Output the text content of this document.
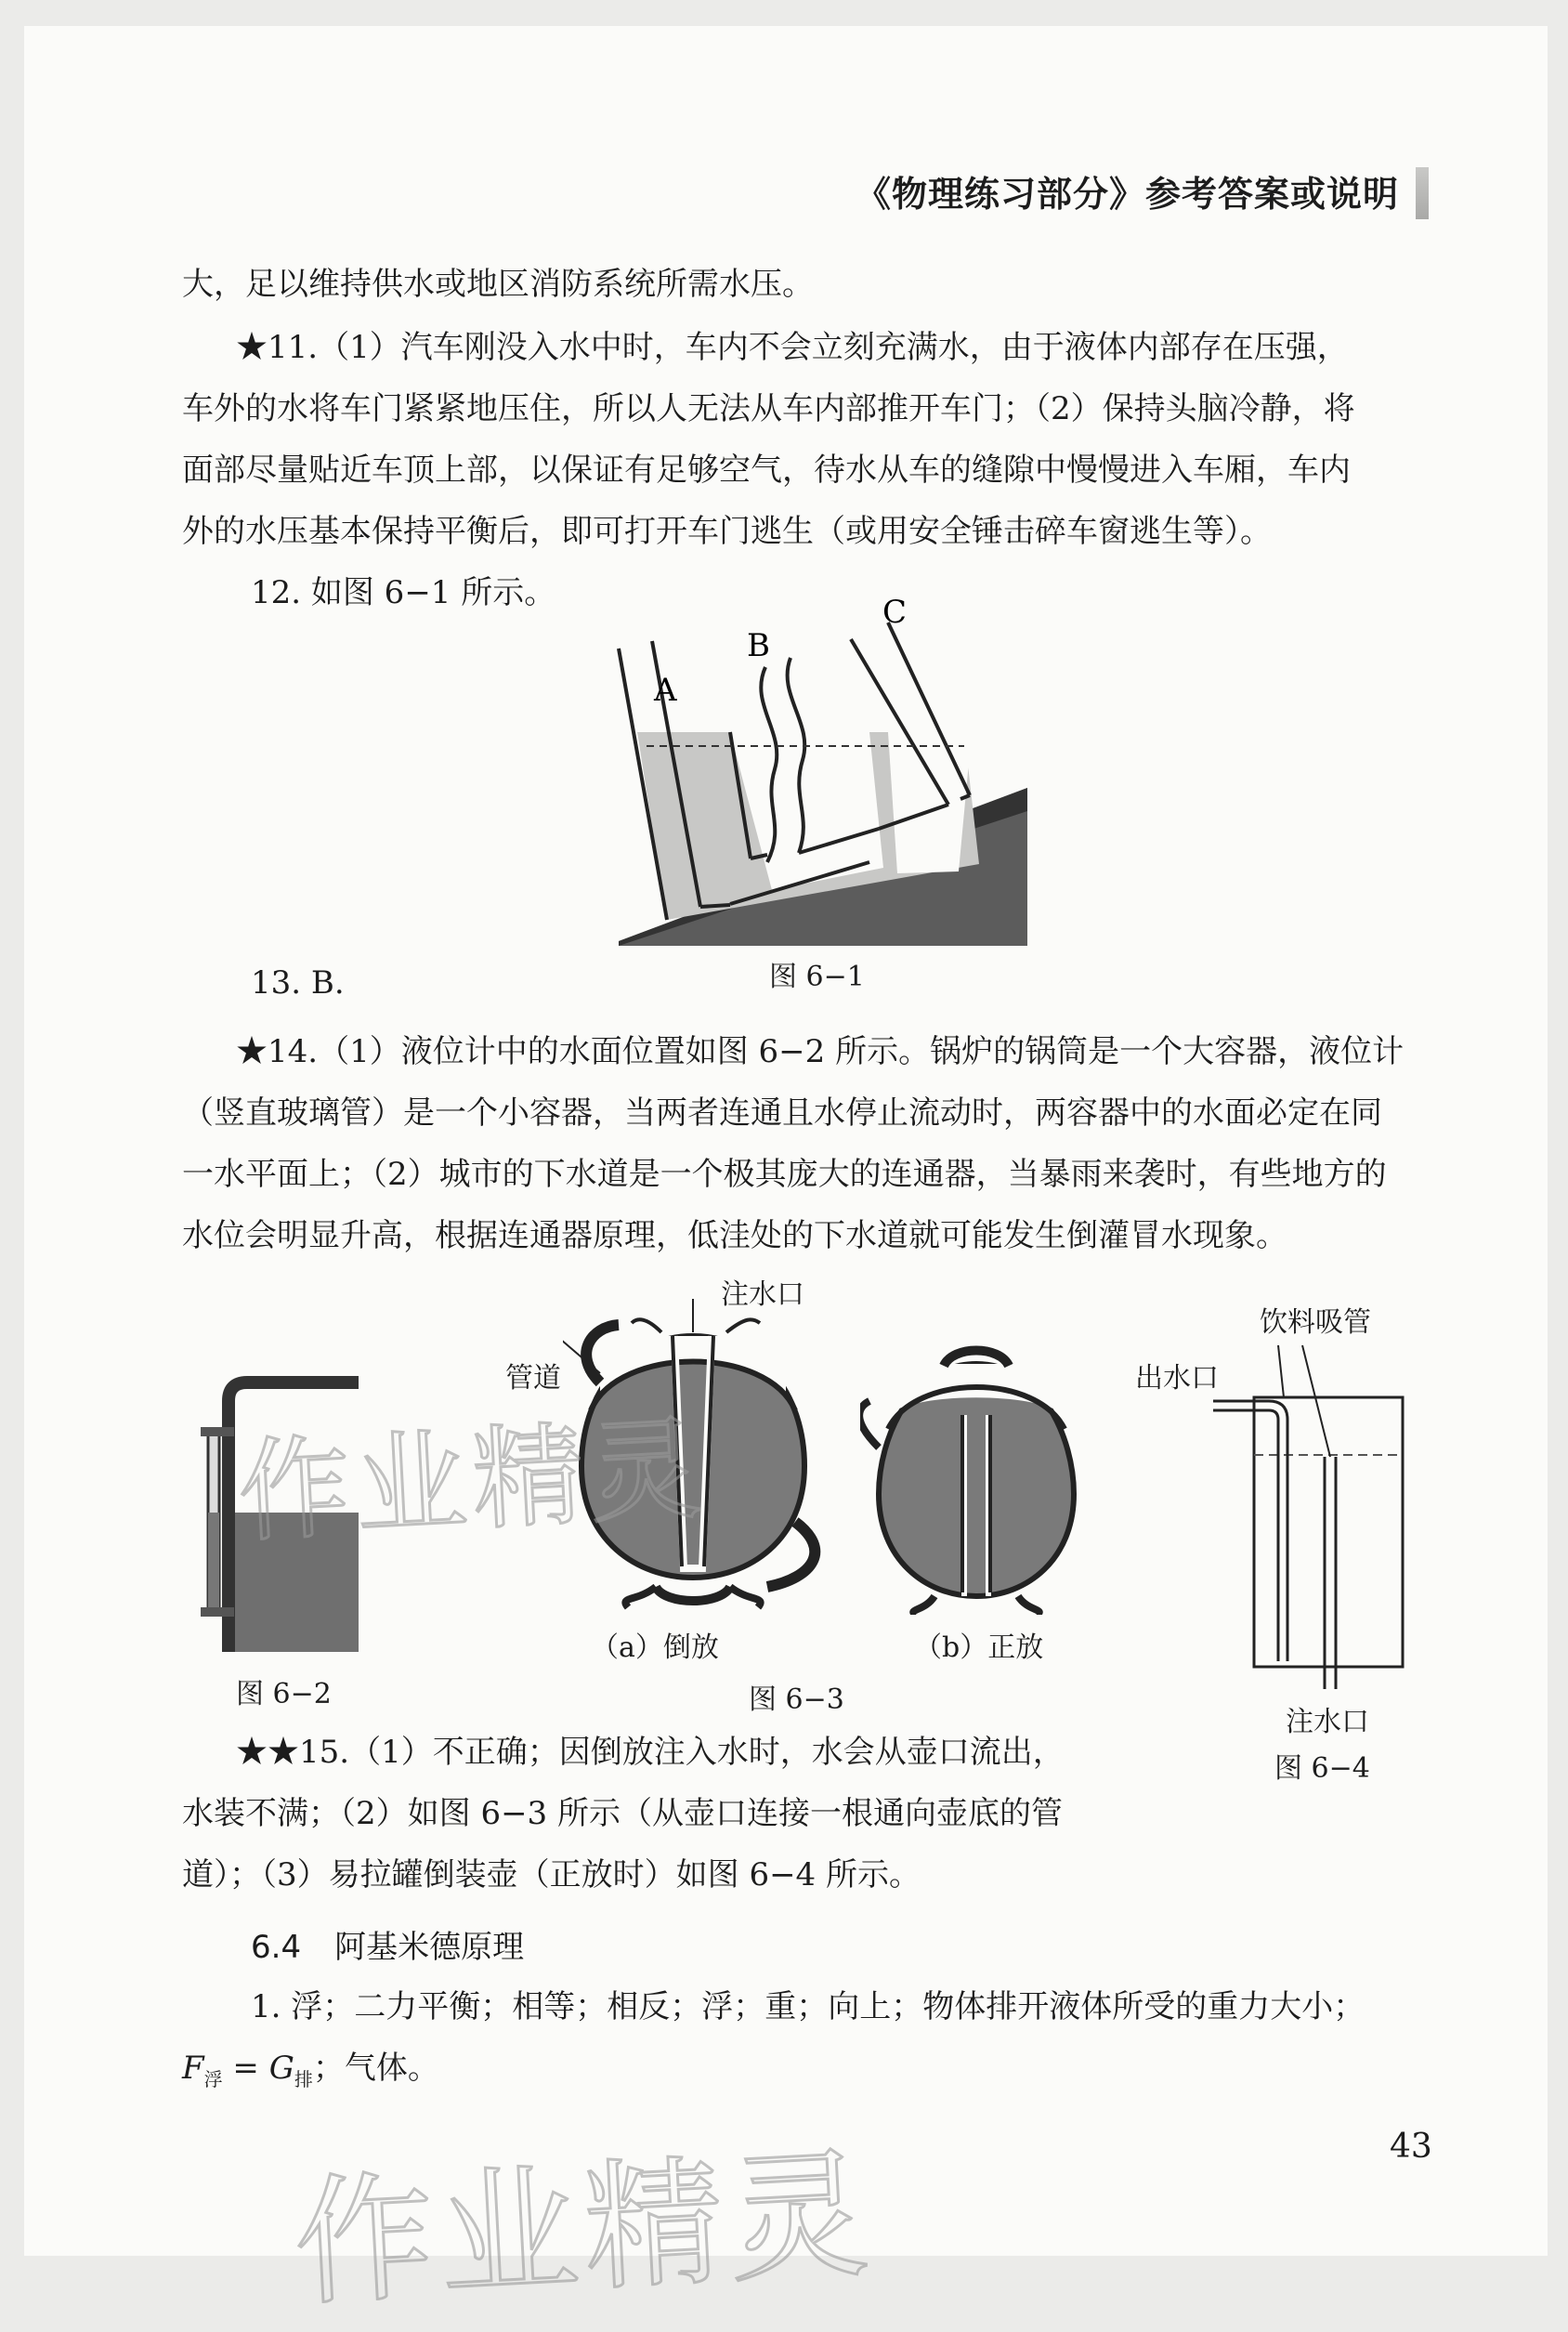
《物理练习部分》参考答案或说明
大，足以维持供水或地区消防系统所需水压。
★11.（1）汽车刚没入水中时，车内不会立刻充满水，由于液体内部存在压强，
车外的水将车门紧紧地压住，所以人无法从车内部推开车门；（2）保持头脑冷静，将
面部尽量贴近车顶上部，以保证有足够空气，待水从车的缝隙中慢慢进入车厢，车内
外的水压基本保持平衡后，即可打开车门逃生（或用安全锤击碎车窗逃生等）。
12. 如图 6−1 所示。
A
B
C
图 6−1
13. B.
★14.（1）液位计中的水面位置如图 6−2 所示。锅炉的锅筒是一个大容器，液位计
（竖直玻璃管）是一个小容器，当两者连通且水停止流动时，两容器中的水面必定在同
一水平面上；（2）城市的下水道是一个极其庞大的连通器，当暴雨来袭时，有些地方的
水位会明显升高，根据连通器原理，低洼处的下水道就可能发生倒灌冒水现象。
图 6−2
注水口
管道
（a）倒放	（b）正放
图 6−3
饮料吸管
出水口
注水口
图 6−4
★★15.（1）不正确；因倒放注入水时，水会从壶口流出，
水装不满；（2）如图 6−3 所示（从壶口连接一根通向壶底的管
道）；（3）易拉罐倒装壶（正放时）如图 6−4 所示。
6.4 阿基米德原理
1. 浮；二力平衡；相等；相反；浮；重；向上；物体排开液体所受的重力大小；
$F_浮 = G_排$；气体。
43
作业精灵
作业精灵
